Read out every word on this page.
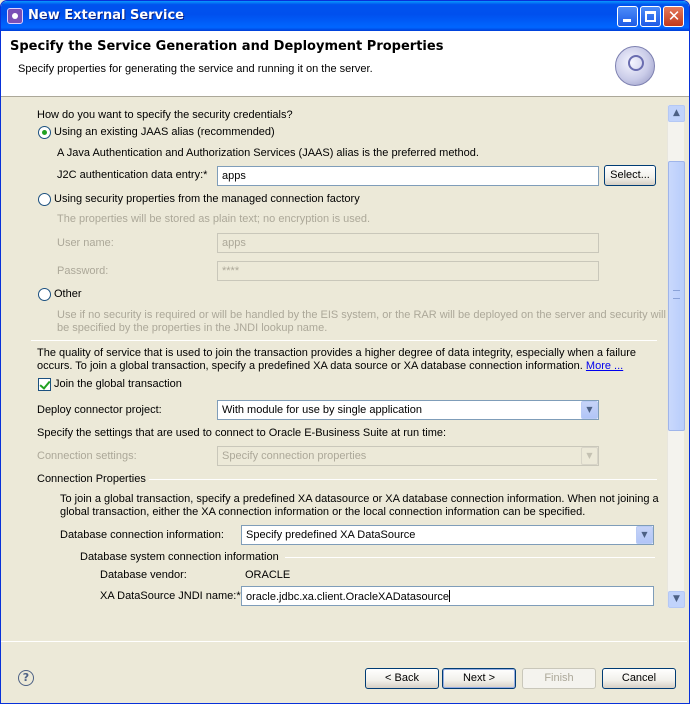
New External Service	✕
Specify the Service Generation and Deployment Properties
Specify properties for generating the service and running it on the server.
How do you want to specify the security credentials?
Using an existing JAAS alias (recommended)
A Java Authentication and Authorization Services (JAAS) alias is the preferred method.
J2C authentication data entry:*	apps	Select...
Using security properties from the managed connection factory
The properties will be stored as plain text; no encryption is used.
User name:	apps
Password:	****
Other
Use if no security is required or will be handled by the EIS system, or the RAR will be deployed on the server and security will
be specified by the properties in the JNDI lookup name.
The quality of service that is used to join the transaction provides a higher degree of data integrity, especially when a failure
occurs. To join a global transaction, specify a predefined XA data source or XA database connection information. More ...
Join the global transaction
Deploy connector project:	With module for use by single application	▼
Specify the settings that are used to connect to Oracle E-Business Suite at run time:
Connection settings:	Specify connection properties	▼
Connection Properties
To join a global transaction, specify a predefined XA datasource or XA database connection information. When not joining a
global transaction, either the XA connection information or the local connection information can be specified.
Database connection information:	Specify predefined XA DataSource	▼
Database system connection information
Database vendor:	ORACLE
XA DataSource JNDI name:* oracle.jdbc.xa.client.OracleXADatasource
▲
▼
?	< Back	Next >	Finish	Cancel
